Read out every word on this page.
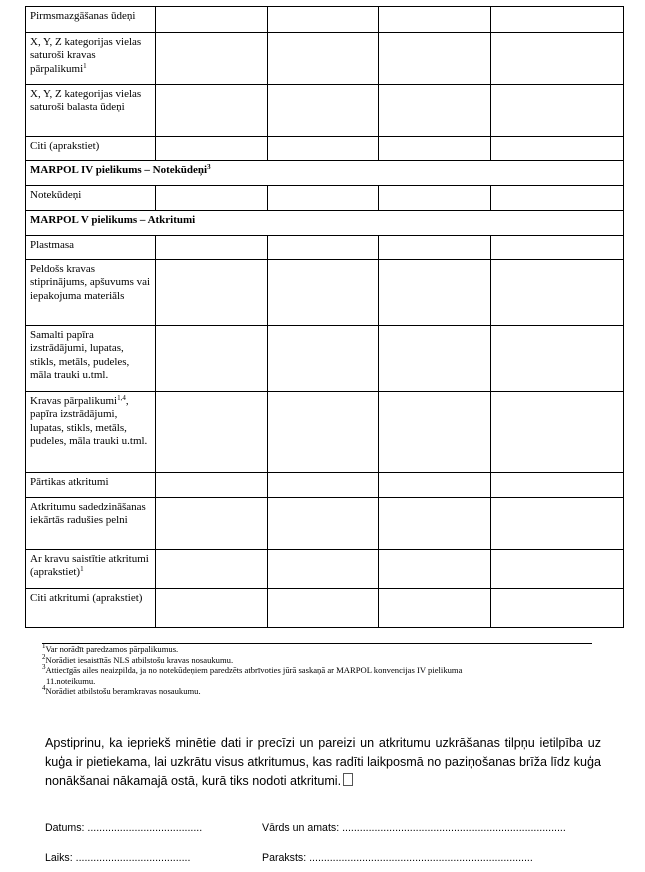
Pirmsmazgāšanas ūdeņi				
X, Y, Z kategorijas vielas saturoši kravas pārpalikumi$^1$				
X, Y, Z kategorijas vielas saturoši balasta ūdeņi				
Citi (aprakstiet)				
MARPOL IV pielikums – Notekūdeņi$^3$
Notekūdeņi				
MARPOL V pielikums – Atkritumi				
Plastmasa				
Peldošs kravas stiprinājums, apšuvums vai iepakojuma materiāls				
Samalti papīra izstrādājumi, lupatas, stikls, metāls, pudeles, māla trauki u.tml.				
Kravas pārpalikumi$^{1,4}$, papīra izstrādājumi, lupatas, stikls, metāls, pudeles, māla trauki u.tml.				
Pārtikas atkritumi				
Atkritumu sadedzināšanas iekārtās radušies pelni				
Ar kravu saistītie atkritumi (aprakstiet)$^1$				
Citi atkritumi (aprakstiet)				

$^1$Var norādīt paredzamos pārpalikumus.

$^2$Norādiet iesaistītās NLS atbilstošu kravas nosaukumu.

$^3$Attiecīgās ailes neaizpilda, ja no notekūdeņiem paredzēts atbrīvoties jūrā saskaņā ar MARPOL konvencijas IV pielikuma
11.noteikumu.

$^4$Norādiet atbilstošu beramkravas nosaukumu.

Apstiprinu, ka iepriekš minētie dati ir precīzi un pareizi un atkritumu uzkrāšanas tilpņu ietilpība uz kuģa ir pietiekama, lai uzkrātu visus atkritumus, kas radīti laikposmā no paziņošanas brīža līdz kuģa nonākšanai nākamajā ostā, kurā tiks nodoti atkritumi.
Datums: .......................................	Vārds un amats: ............................................................................
Laiks: .......................................	Paraksts: ............................................................................
